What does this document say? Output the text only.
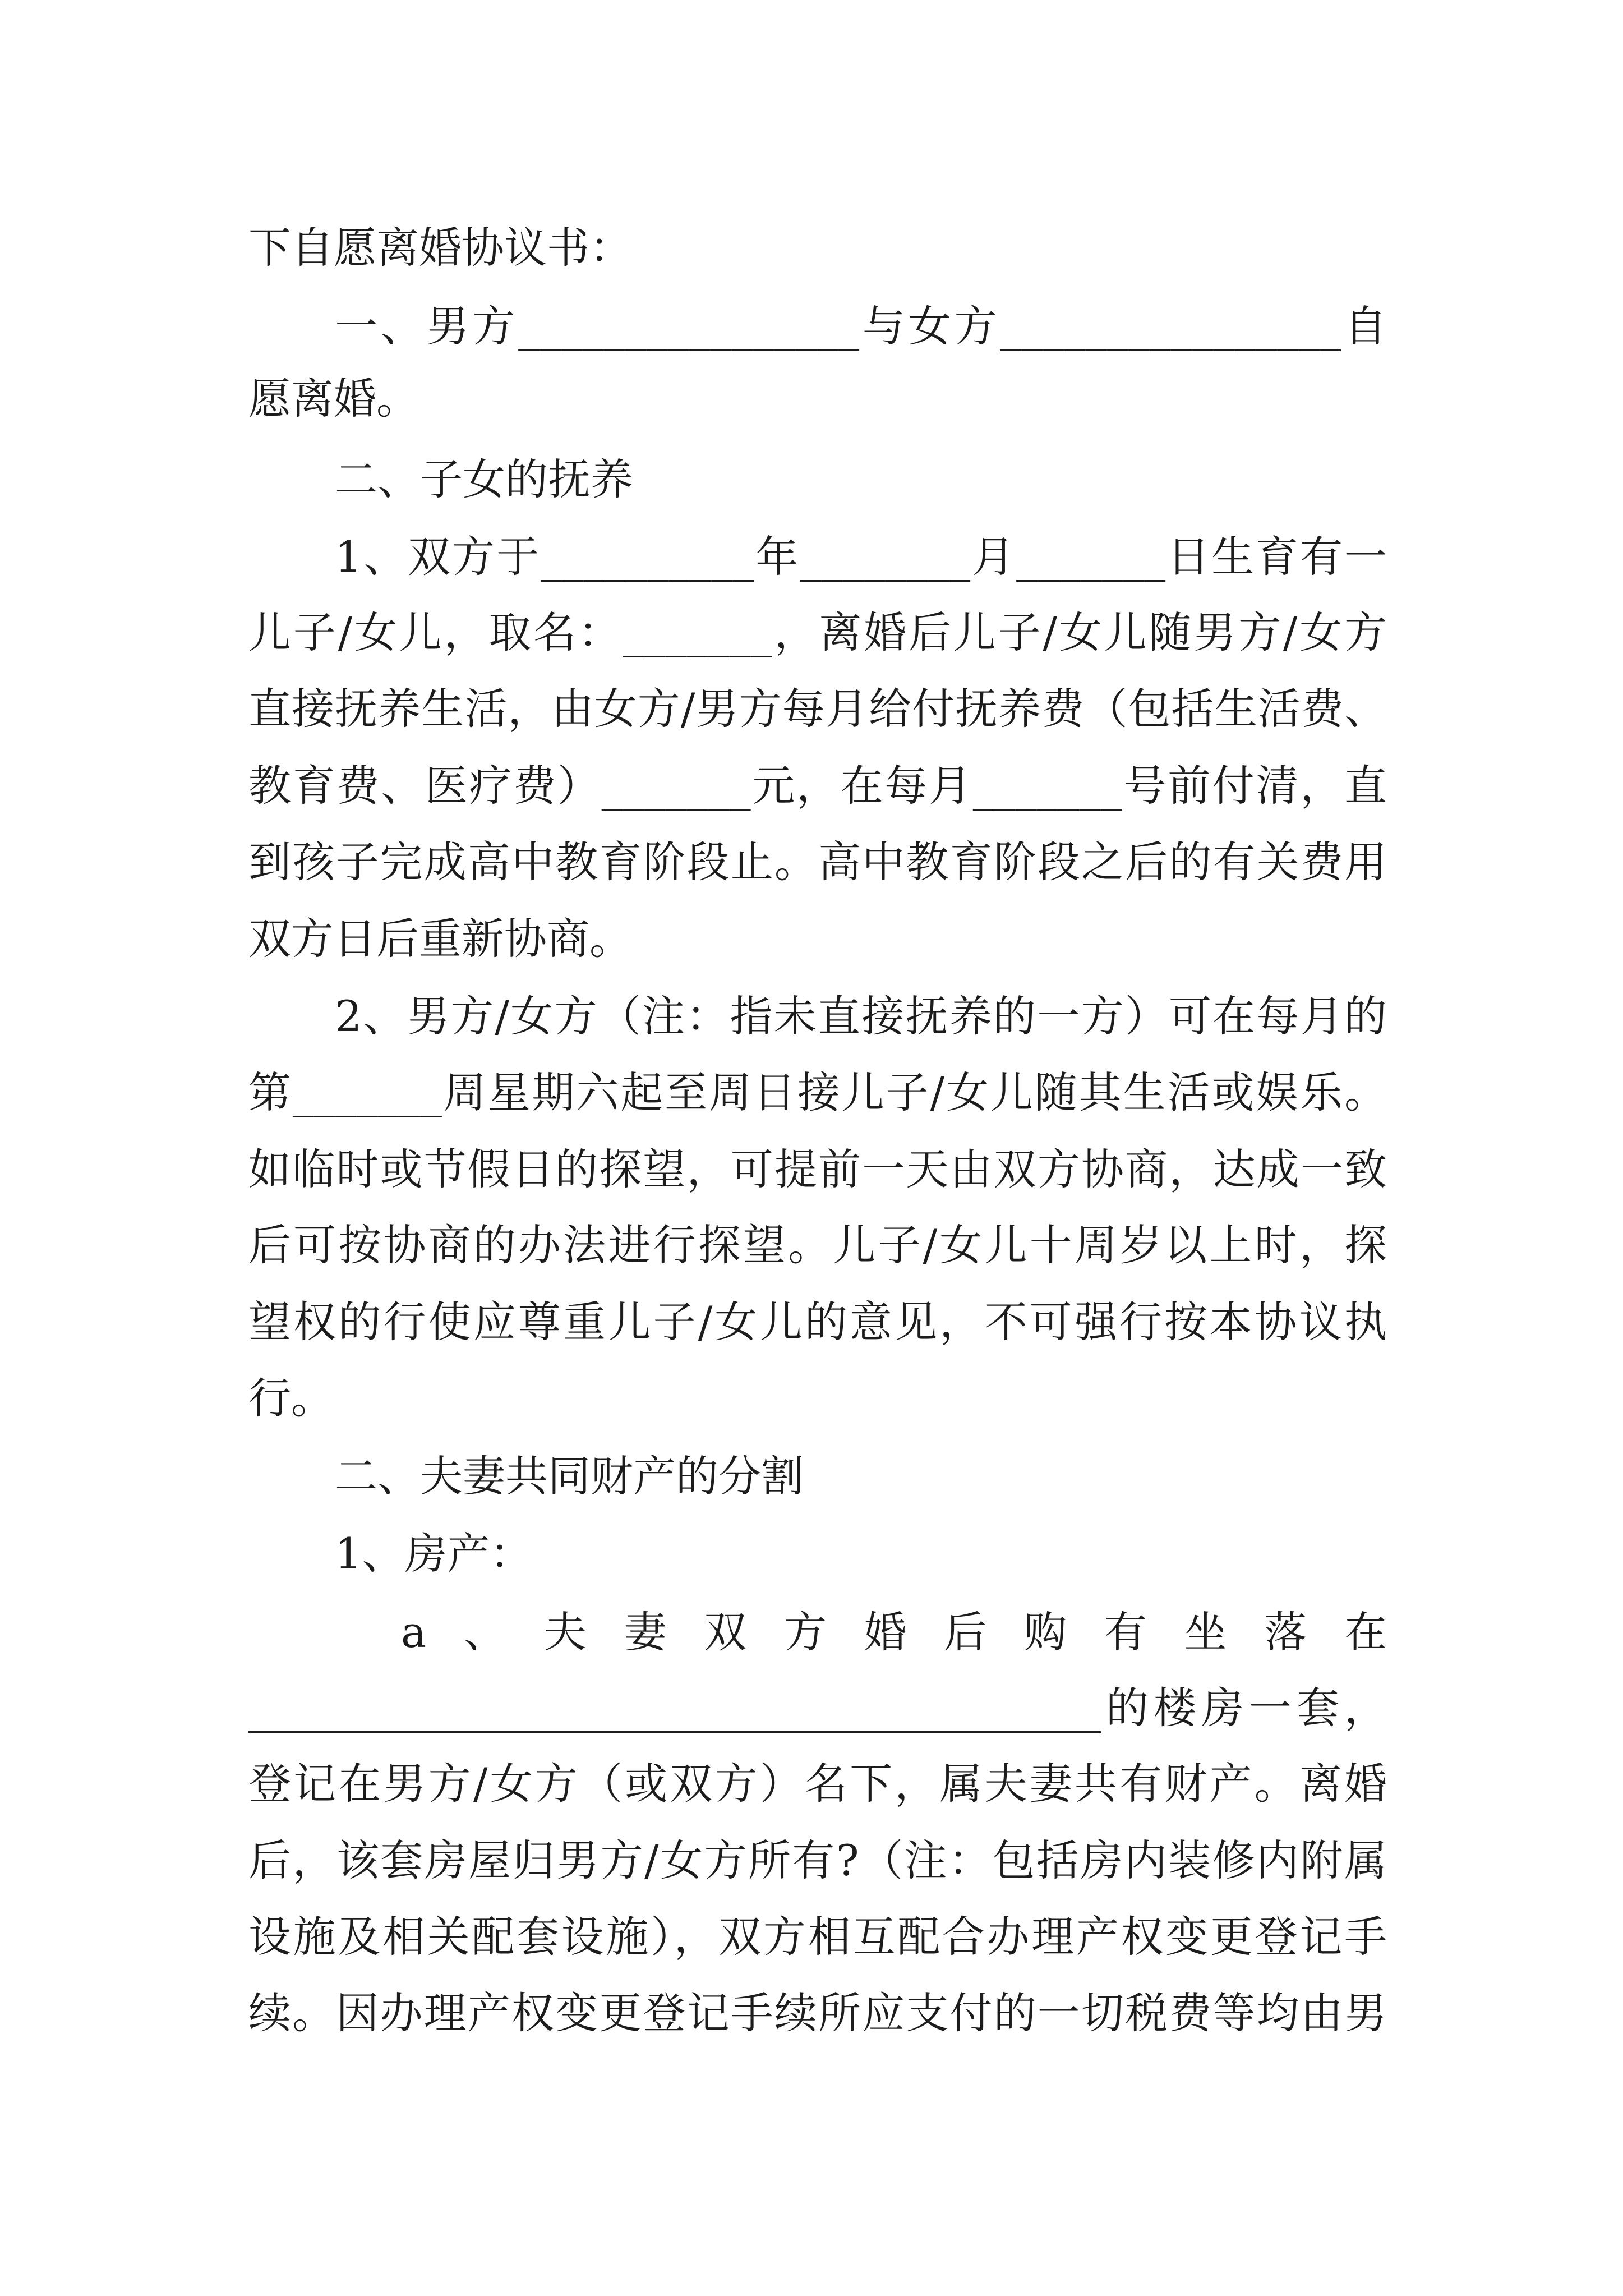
下自愿离婚协议书：
一、男方________________与女方________________自
愿离婚。
二、子女的抚养
1、双方于__________年________月_______日生育有一
儿子/女儿，取名：_______，离婚后儿子/女儿随男方/女方
直接抚养生活，由女方/男方每月给付抚养费（包括生活费、
教育费、医疗费）_______元，在每月_______号前付清，直
到孩子完成高中教育阶段止。高中教育阶段之后的有关费用
双方日后重新协商。
2、男方/女方（注：指未直接抚养的一方）可在每月的
第_______周星期六起至周日接儿子/女儿随其生活或娱乐。
如临时或节假日的探望，可提前一天由双方协商，达成一致
后可按协商的办法进行探望。儿子/女儿十周岁以上时，探
望权的行使应尊重儿子/女儿的意见，不可强行按本协议执
行。
二、夫妻共同财产的分割
1、房产：
a、夫妻双方婚后购有坐落在
________________________________________的楼房一套，
登记在男方/女方（或双方）名下，属夫妻共有财产。离婚
后，该套房屋归男方/女方所有?（注：包括房内装修内附属
设施及相关配套设施），双方相互配合办理产权变更登记手
续。因办理产权变更登记手续所应支付的一切税费等均由男
